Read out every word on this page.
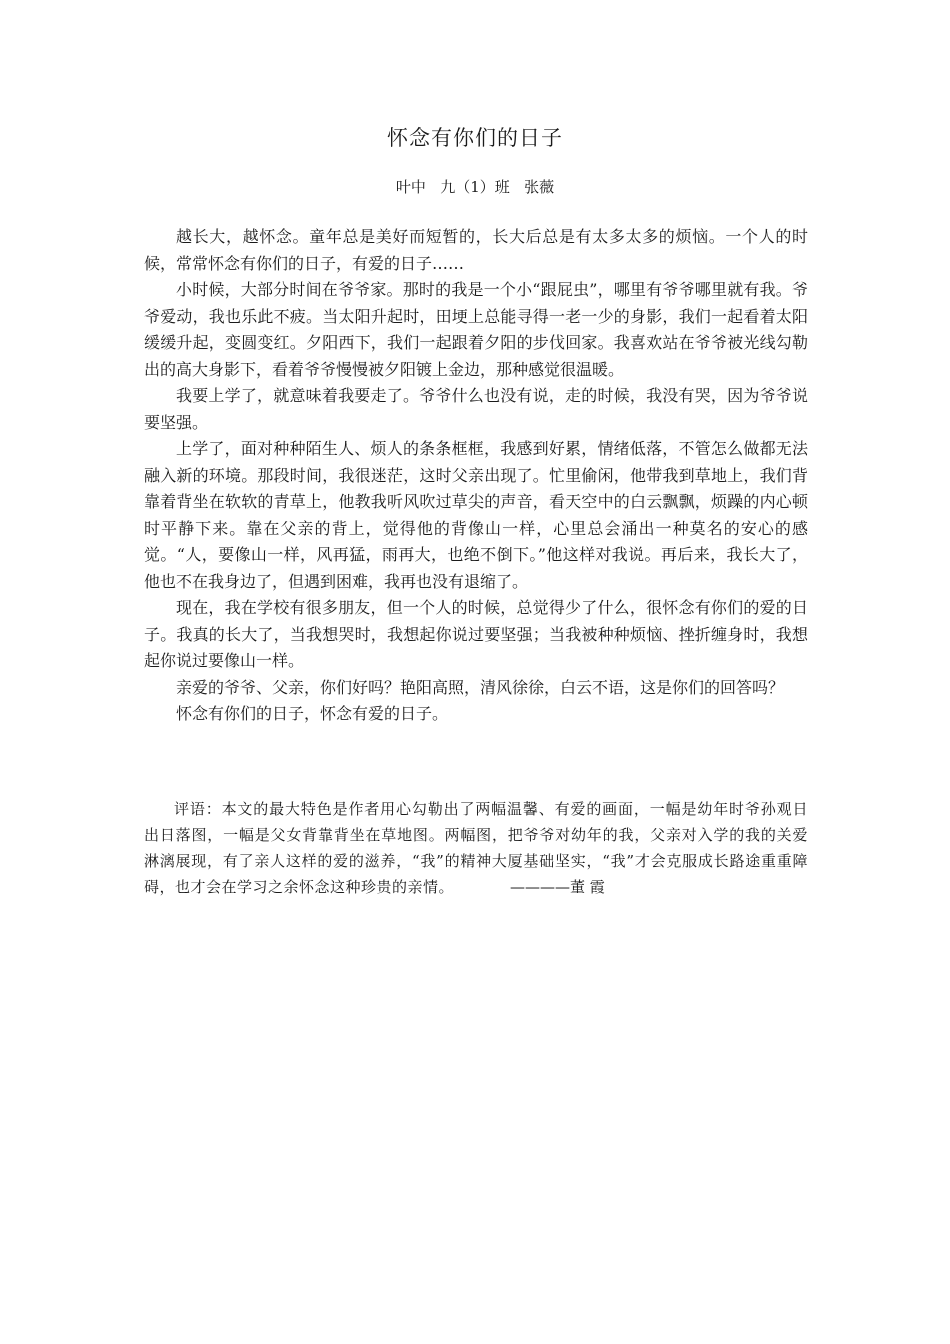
怀念有你们的日子
叶中   九（1）班   张薇

越长大，越怀念。童年总是美好而短暂的，长大后总是有太多太多的烦恼。一个人的时候，常常怀念有你们的日子，有爱的日子……

小时候，大部分时间在爷爷家。那时的我是一个小“跟屁虫”，哪里有爷爷哪里就有我。爷爷爱动，我也乐此不疲。当太阳升起时，田埂上总能寻得一老一少的身影，我们一起看着太阳缓缓升起，变圆变红。夕阳西下，我们一起跟着夕阳的步伐回家。我喜欢站在爷爷被光线勾勒出的高大身影下，看着爷爷慢慢被夕阳镀上金边，那种感觉很温暖。

我要上学了，就意味着我要走了。爷爷什么也没有说，走的时候，我没有哭，因为爷爷说要坚强。

上学了，面对种种陌生人、烦人的条条框框，我感到好累，情绪低落，不管怎么做都无法融入新的环境。那段时间，我很迷茫，这时父亲出现了。忙里偷闲，他带我到草地上，我们背靠着背坐在软软的青草上，他教我听风吹过草尖的声音，看天空中的白云飘飘，烦躁的内心顿时平静下来。靠在父亲的背上，觉得他的背像山一样，心里总会涌出一种莫名的安心的感觉。“人，要像山一样，风再猛，雨再大，也绝不倒下。”他这样对我说。再后来，我长大了，他也不在我身边了，但遇到困难，我再也没有退缩了。

现在，我在学校有很多朋友，但一个人的时候，总觉得少了什么，很怀念有你们的爱的日子。我真的长大了，当我想哭时，我想起你说过要坚强；当我被种种烦恼、挫折缠身时，我想起你说过要像山一样。

亲爱的爷爷、父亲，你们好吗？艳阳高照，清风徐徐，白云不语，这是你们的回答吗？

怀念有你们的日子，怀念有爱的日子。

评语：本文的最大特色是作者用心勾勒出了两幅温馨、有爱的画面，一幅是幼年时爷孙观日出日落图，一幅是父女背靠背坐在草地图。两幅图，把爷爷对幼年的我，父亲对入学的我的关爱淋漓展现，有了亲人这样的爱的滋养，“我”的精神大厦基础坚实，“我”才会克服成长路途重重障碍，也才会在学习之余怀念这种珍贵的亲情。	————董 霞
